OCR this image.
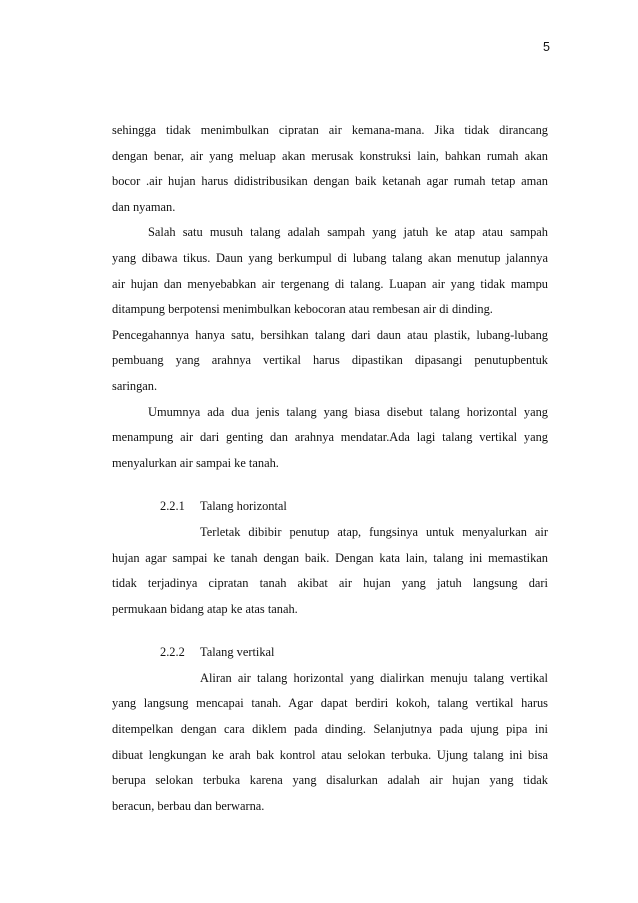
5
sehingga tidak menimbulkan cipratan air kemana-mana. Jika tidak dirancang
dengan benar, air yang meluap akan merusak konstruksi lain, bahkan rumah akan
bocor .air hujan harus didistribusikan dengan baik ketanah agar rumah tetap aman
dan nyaman.
Salah satu musuh talang adalah sampah yang jatuh ke atap atau sampah
yang dibawa tikus. Daun yang berkumpul di lubang talang akan menutup jalannya
air hujan dan menyebabkan air tergenang di talang. Luapan air yang tidak mampu
ditampung berpotensi menimbulkan kebocoran atau rembesan air di dinding.
Pencegahannya hanya satu, bersihkan talang dari daun atau plastik, lubang-lubang
pembuang yang arahnya vertikal harus dipastikan dipasangi penutupbentuk
saringan.
Umumnya ada dua jenis talang yang biasa disebut talang horizontal yang
menampung air dari genting dan arahnya mendatar.Ada lagi talang vertikal yang
menyalurkan air sampai ke tanah.
2.2.1 Talang horizontal
Terletak dibibir penutup atap, fungsinya untuk menyalurkan air
hujan agar sampai ke tanah dengan baik. Dengan kata lain, talang ini memastikan
tidak terjadinya cipratan tanah akibat air hujan yang jatuh langsung dari
permukaan bidang atap ke atas tanah.
2.2.2 Talang vertikal
Aliran air talang horizontal yang dialirkan menuju talang vertikal
yang langsung mencapai tanah. Agar dapat berdiri kokoh, talang vertikal harus
ditempelkan dengan cara diklem pada dinding. Selanjutnya pada ujung pipa ini
dibuat lengkungan ke arah bak kontrol atau selokan terbuka. Ujung talang ini bisa
berupa selokan terbuka karena yang disalurkan adalah air hujan yang tidak
beracun, berbau dan berwarna.
